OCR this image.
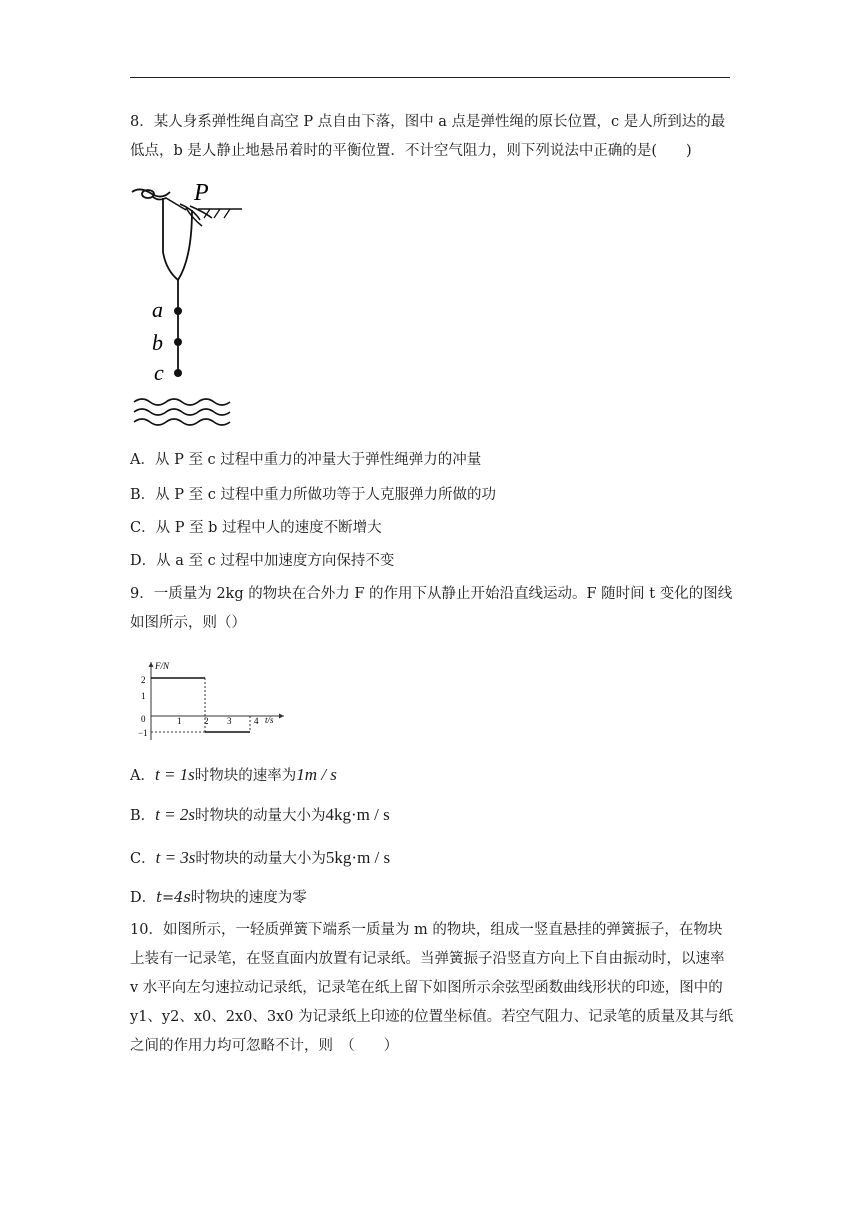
8．某人身系弹性绳自高空 P 点自由下落，图中 a 点是弹性绳的原长位置，c 是人所到达的最低点，b 是人静止地悬吊着时的平衡位置．不计空气阻力，则下列说法中正确的是(　　)

P
a
b
c
A．从 P 至 c 过程中重力的冲量大于弹性绳弹力的冲量
B．从 P 至 c 过程中重力所做功等于人克服弹力所做的功
C．从 P 至 b 过程中人的速度不断增大
D．从 a 至 c 过程中加速度方向保持不变

9．一质量为 2kg 的物块在合外力 F 的作用下从静止开始沿直线运动。F 随时间 t 变化的图线如图所示，则（）

F/N
t/s
2
1
0
−1
1	2 3	4
A．t = 1s时物块的速率为1m / s
B．t = 2s时物块的动量大小为4kg·m / s
C．t = 3s时物块的动量大小为5kg·m / s
D．t=4s时物块的速度为零

10．如图所示，一轻质弹簧下端系一质量为 m 的物块，组成一竖直悬挂的弹簧振子，在物块上装有一记录笔，在竖直面内放置有记录纸。当弹簧振子沿竖直方向上下自由振动时，以速率 v 水平向左匀速拉动记录纸，记录笔在纸上留下如图所示余弦型函数曲线形状的印迹，图中的 y1、y2、x0、2x0、3x0 为记录纸上印迹的位置坐标值。若空气阻力、记录笔的质量及其与纸之间的作用力均可忽略不计，则　（　　）
